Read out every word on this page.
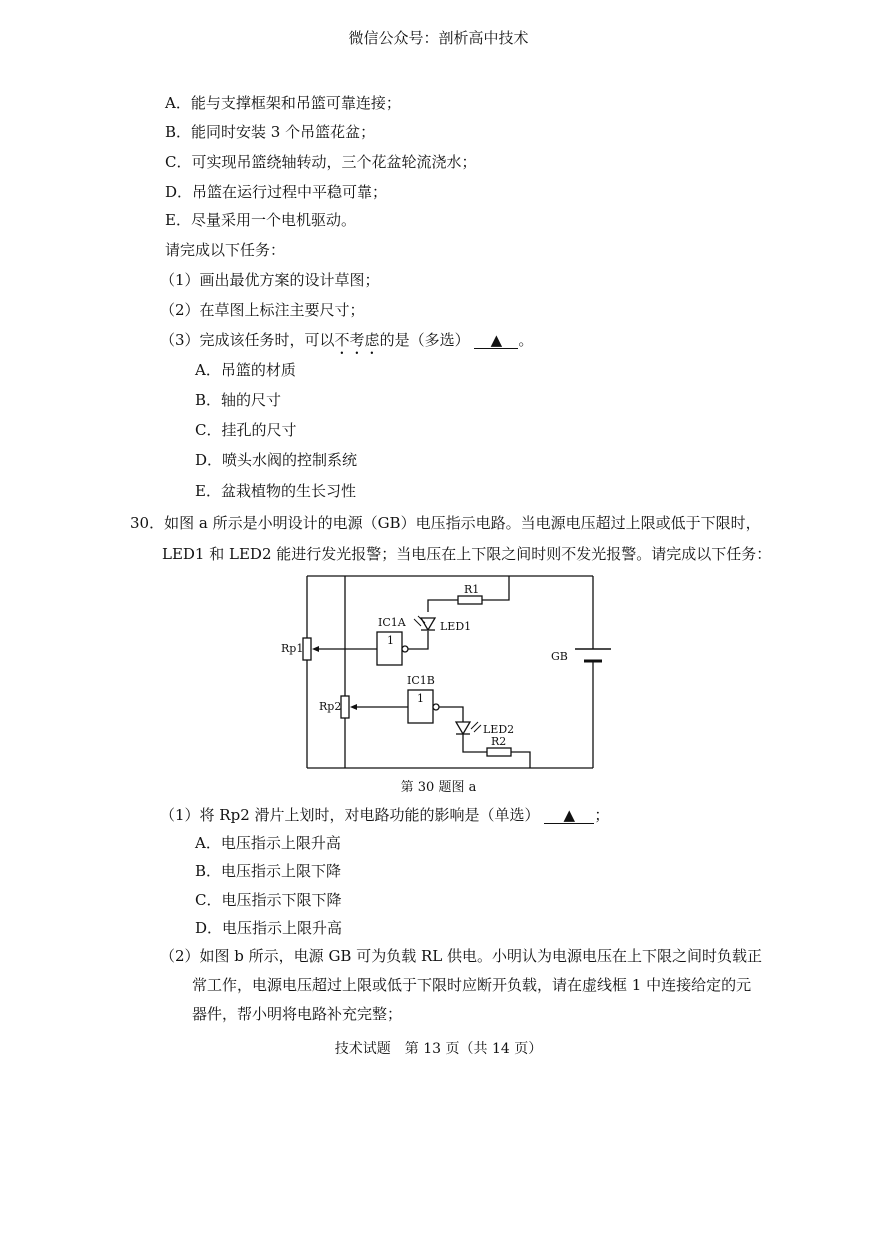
微信公众号：剖析高中技术
A．能与支撑框架和吊篮可靠连接；
B．能同时安装 3 个吊篮花盆；
C．可实现吊篮绕轴转动，三个花盆轮流浇水；
D．吊篮在运行过程中平稳可靠；
E．尽量采用一个电机驱动。
请完成以下任务：
（1）画出最优方案的设计草图；
（2）在草图上标注主要尺寸；
（3）完成该任务时，可以不考虑的是（多选） ▲ 。
A．吊篮的材质
B．轴的尺寸
C．挂孔的尺寸
D．喷头水阀的控制系统
E．盆栽植物的生长习性
30．如图 a 所示是小明设计的电源（GB）电压指示电路。当电源电压超过上限或低于下限时，
LED1 和 LED2 能进行发光报警；当电压在上下限之间时则不发光报警。请完成以下任务：
R1
IC1A
1
LED1
Rp1
GB
IC1B
1
Rp2
LED2
R2
第 30 题图 a
（1）将 Rp2 滑片上划时，对电路功能的影响是（单选） ▲ ；
A．电压指示上限升高
B．电压指示上限下降
C．电压指示下限下降
D．电压指示上限升高
（2）如图 b 所示，电源 GB 可为负载 RL 供电。小明认为电源电压在上下限之间时负载正
常工作，电源电压超过上限或低于下限时应断开负载，请在虚线框 1 中连接给定的元
器件，帮小明将电路补充完整；
技术试题　第 13 页（共 14 页）
